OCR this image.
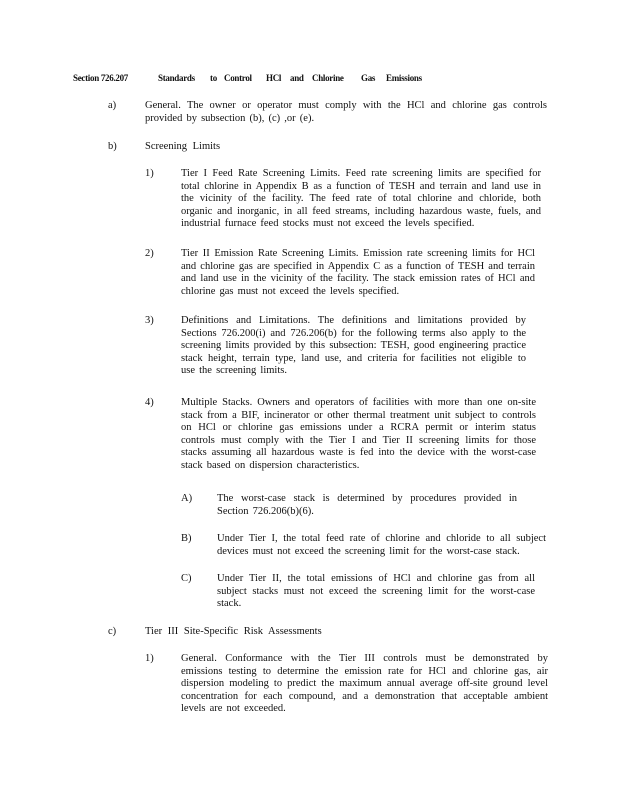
Section 726.207	Standards to Control HCl and Chlorine Gas Emissions
a)	General. The owner or operator must comply with the HCl and chlorine gas controls provided by subsection (b), (c) ,or (e).
b)	Screening Limits
1)	Tier I Feed Rate Screening Limits. Feed rate screening limits are specified for total chlorine in Appendix B as a function of TESH and terrain and land use in the vicinity of the facility. The feed rate of total chlorine and chloride, both organic and inorganic, in all feed streams, including hazardous waste, fuels, and industrial furnace feed stocks must not exceed the levels specified.
2)	Tier II Emission Rate Screening Limits. Emission rate screening limits for HCl and chlorine gas are specified in Appendix C as a function of TESH and terrain and land use in the vicinity of the facility. The stack emission rates of HCl and chlorine gas must not exceed the levels specified.
3)	Definitions and Limitations. The definitions and limitations provided by Sections 726.200(i) and 726.206(b) for the following terms also apply to the screening limits provided by this subsection: TESH, good engineering practice stack height, terrain type, land use, and criteria for facilities not eligible to use the screening limits.
4)	Multiple Stacks. Owners and operators of facilities with more than one on-site stack from a BIF, incinerator or other thermal treatment unit subject to controls on HCl or chlorine gas emissions under a RCRA permit or interim status controls must comply with the Tier I and Tier II screening limits for those stacks assuming all hazardous waste is fed into the device with the worst-case stack based on dispersion characteristics.
A) The worst-case stack is determined by procedures provided in Section 726.206(b)(6).
B) Under Tier I, the total feed rate of chlorine and chloride to all subject devices must not exceed the screening limit for the worst-case stack.
C) Under Tier II, the total emissions of HCl and chlorine gas from all subject stacks must not exceed the screening limit for the worst-case stack.
c)	Tier III Site-Specific Risk Assessments
1)	General. Conformance with the Tier III controls must be demonstrated by emissions testing to determine the emission rate for HCl and chlorine gas, air dispersion modeling to predict the maximum annual average off-site ground level concentration for each compound, and a demonstration that acceptable ambient levels are not exceeded.
